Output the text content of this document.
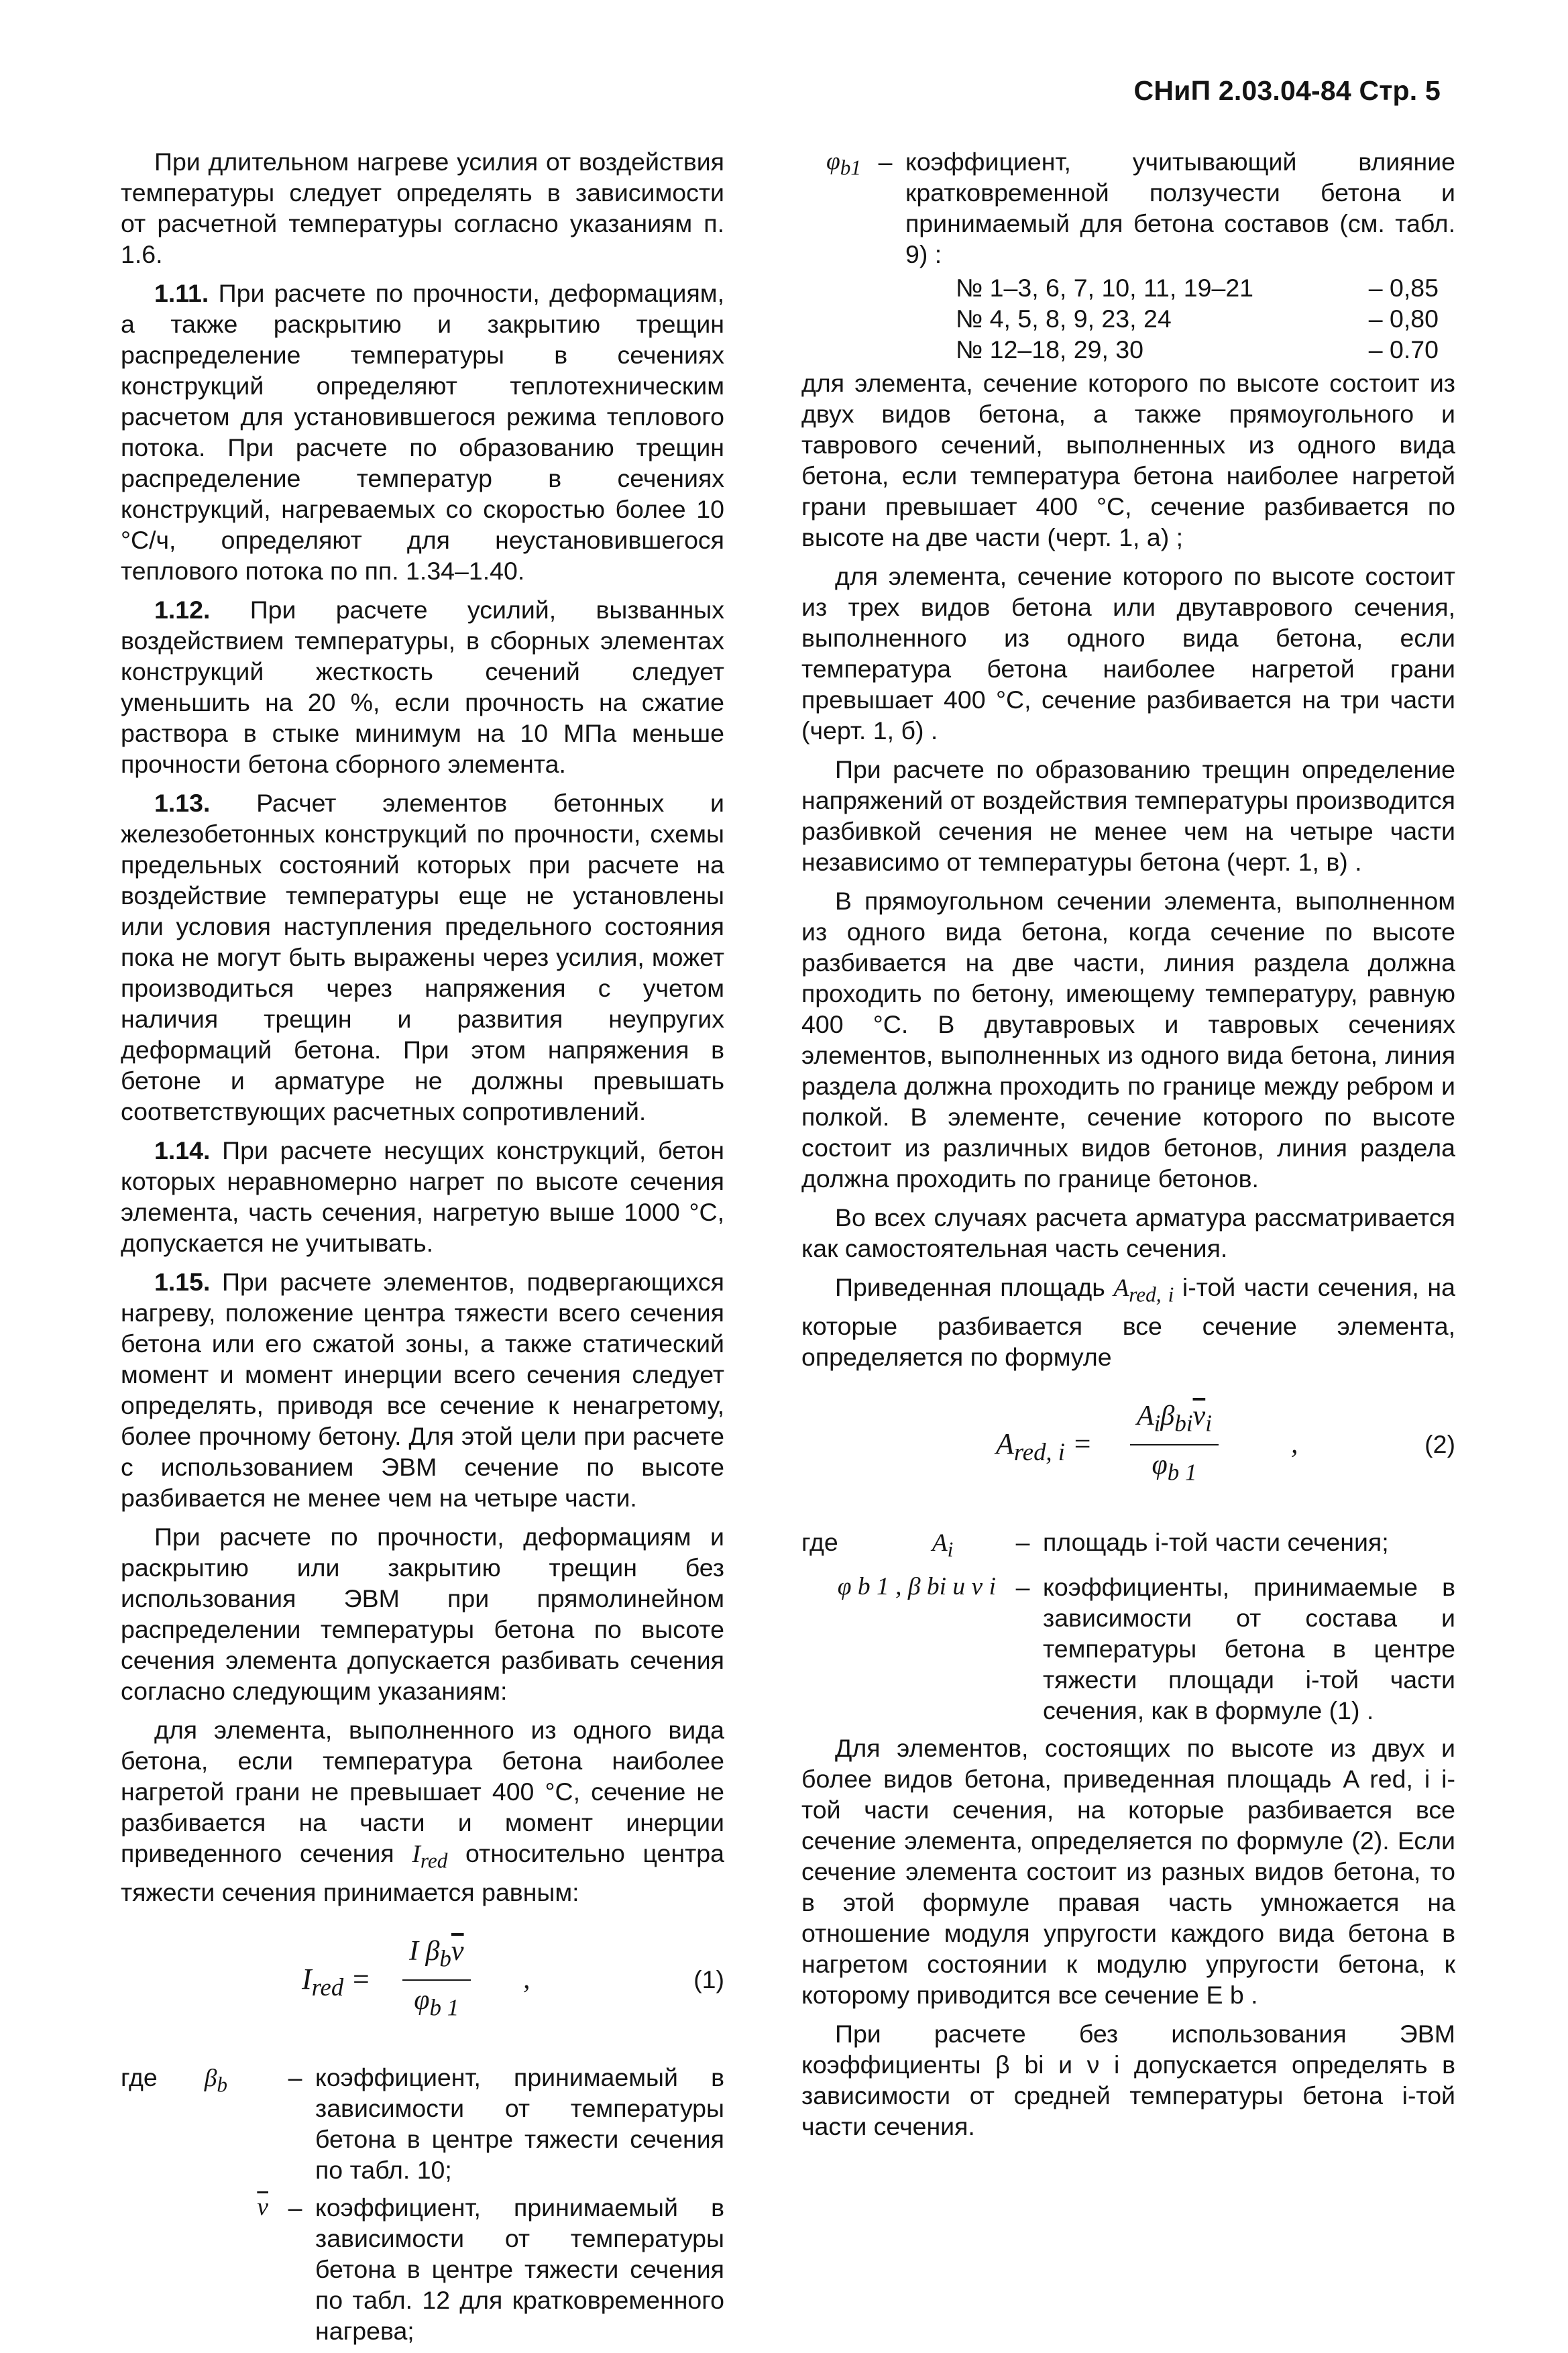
СНиП 2.03.04-84 Стр. 5

При длительном нагреве усилия от воздействия температуры следует определять в зависимости от расчетной температуры согласно указаниям п. 1.6.

1.11. При расчете по прочности, деформациям, а также раскрытию и закрытию трещин распределение температуры в сечениях конструкций определяют теплотехническим расчетом для установившегося режима теплового потока. При расчете по образованию трещин распределение температур в сечениях конструкций, нагреваемых со скоростью более 10 °С/ч, определяют для неустановившегося теплового потока по пп. 1.34–1.40.

1.12. При расчете усилий, вызванных воздействием температуры, в сборных элементах конструкций жесткость сечений следует уменьшить на 20 %, если прочность на сжатие раствора в стыке минимум на 10 МПа меньше прочности бетона сборного элемента.

1.13. Расчет элементов бетонных и железобетонных конструкций по прочности, схемы предельных состояний которых при расчете на воздействие температуры еще не установлены или условия наступления предельного состояния пока не могут быть выражены через усилия, может производиться через напряжения с учетом наличия трещин и развития неупругих деформаций бетона. При этом напряжения в бетоне и арматуре не должны превышать соответствующих расчетных сопротивлений.

1.14. При расчете несущих конструкций, бетон которых неравномерно нагрет по высоте сечения элемента, часть сечения, нагретую выше 1000 °С, допускается не учитывать.

1.15. При расчете элементов, подвергающихся нагреву, положение центра тяжести всего сечения бетона или его сжатой зоны, а также статический момент и момент инерции всего сечения следует определять, приводя все сечение к ненагретому, более прочному бетону. Для этой цели при расчете с использованием ЭВМ сечение по высоте разбивается не менее чем на четыре части.

При расчете по прочности, деформациям и раскрытию или закрытию трещин без использования ЭВМ при прямолинейном распределении температуры бетона по высоте сечения элемента допускается разбивать сечения согласно следующим указаниям:

для элемента, выполненного из одного вида бетона, если температура бетона наиболее нагретой грани не превышает 400 °С, сечение не разбивается на части и момент инерции приведенного сечения $I_{red}$ относительно центра тяжести сечения принимается равным:

$I_{red}$ =
I $\beta_b\overline{\nu}$
$\varphi_{b 1}$
,	(1)
где $\beta_b$	– коэффициент, принимаемый в зависимости от температуры бетона в центре тяжести сечения по табл. 10;
$\overline{\nu}$ – коэффициент, принимаемый в зависимости от температуры бетона в центре тяжести сечения по табл. 12 для кратковременного нагрева;
$\varphi_{b1}$ – коэффициент, учитывающий влияние кратковременной ползучести бетона и принимаемый для бетона составов (см. табл. 9) :
№ 1–3, 6, 7, 10, 11, 19–21	– 0,85
№ 4, 5, 8, 9, 23, 24	– 0,80
№ 12–18, 29, 30	– 0.70

для элемента, сечение которого по высоте состоит из двух видов бетона, а также прямоугольного и таврового сечений, выполненных из одного вида бетона, если температура бетона наиболее нагретой грани превышает 400 °С, сечение разбивается по высоте на две части (черт. 1, а) ;

для элемента, сечение которого по высоте состоит из трех видов бетона или двутаврового сечения, выполненного из одного вида бетона, если температура бетона наиболее нагретой грани превышает 400 °С, сечение разбивается на три части (черт. 1, б) .

При расчете по образованию трещин определение напряжений от воздействия температуры производится разбивкой сечения не менее чем на четыре части независимо от температуры бетона (черт. 1, в) .

В прямоугольном сечении элемента, выполненном из одного вида бетона, когда сечение по высоте разбивается на две части, линия раздела должна проходить по бетону, имеющему температуру, равную 400 °С. В двутавровых и тавровых сечениях элементов, выполненных из одного вида бетона, линия раздела должна проходить по границе между ребром и полкой. В элементе, сечение которого по высоте состоит из различных видов бетонов, линия раздела должна проходить по границе бетонов.

Во всех случаях расчета арматура рассматривается как самостоятельная часть сечения.

Приведенная площадь $A_{red, i}$ i-той части сечения, на которые разбивается все сечение элемента, определяется по формуле

$A_{red, i}$ =
$A_i\beta_{bi}\overline{\nu}_i$
$\varphi_{b 1}$
,	(2)
где	$A_i$	– площадь i-той части сечения;
φ b 1 , β bi и ν i – коэффициенты, принимаемые в зависимости от состава и температуры бетона в центре тяжести площади i-той части сечения, как в формуле (1) .

Для элементов, состоящих по высоте из двух и более видов бетона, приведенная площадь A red, i i-той части сечения, на которые разбивается все сечение элемента, определяется по формуле (2). Если сечение элемента состоит из разных видов бетона, то в этой формуле правая часть умножается на отношение модуля упругости каждого вида бетона в нагретом состоянии к модулю упругости бетона, к которому приводится все сечение E b .

При расчете без использования ЭВМ коэффициенты β bi и ν i допускается определять в зависимости от средней температуры бетона i-той части сечения.
